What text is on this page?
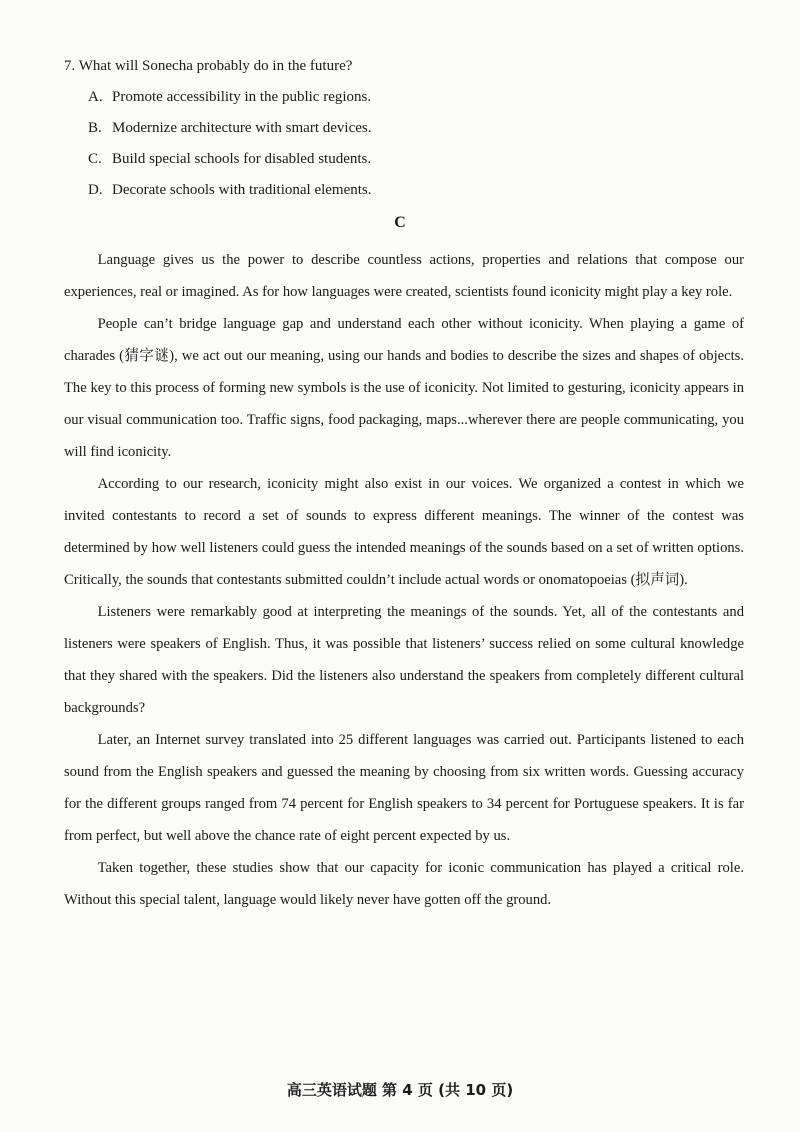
7. What will Sonecha probably do in the future?
A. Promote accessibility in the public regions.
B. Modernize architecture with smart devices.
C. Build special schools for disabled students.
D. Decorate schools with traditional elements.
C

Language gives us the power to describe countless actions, properties and relations that compose our experiences, real or imagined. As for how languages were created, scientists found iconicity might play a key role.

People can’t bridge language gap and understand each other without iconicity. When playing a game of charades (猜字谜), we act out our meaning, using our hands and bodies to describe the sizes and shapes of objects. The key to this process of forming new symbols is the use of iconicity. Not limited to gesturing, iconicity appears in our visual communication too. Traffic signs, food packaging, maps...wherever there are people communicating, you will find iconicity.

According to our research, iconicity might also exist in our voices. We organized a contest in which we invited contestants to record a set of sounds to express different meanings. The winner of the contest was determined by how well listeners could guess the intended meanings of the sounds based on a set of written options. Critically, the sounds that contestants submitted couldn’t include actual words or onomatopoeias (拟声词).

Listeners were remarkably good at interpreting the meanings of the sounds. Yet, all of the contestants and listeners were speakers of English. Thus, it was possible that listeners’ success relied on some cultural knowledge that they shared with the speakers. Did the listeners also understand the speakers from completely different cultural backgrounds?

Later, an Internet survey translated into 25 different languages was carried out. Participants listened to each sound from the English speakers and guessed the meaning by choosing from six written words. Guessing accuracy for the different groups ranged from 74 percent for English speakers to 34 percent for Portuguese speakers. It is far from perfect, but well above the chance rate of eight percent expected by us.

Taken together, these studies show that our capacity for iconic communication has played a critical role. Without this special talent, language would likely never have gotten off the ground.

高三英语试题 第 4 页 (共 10 页)
